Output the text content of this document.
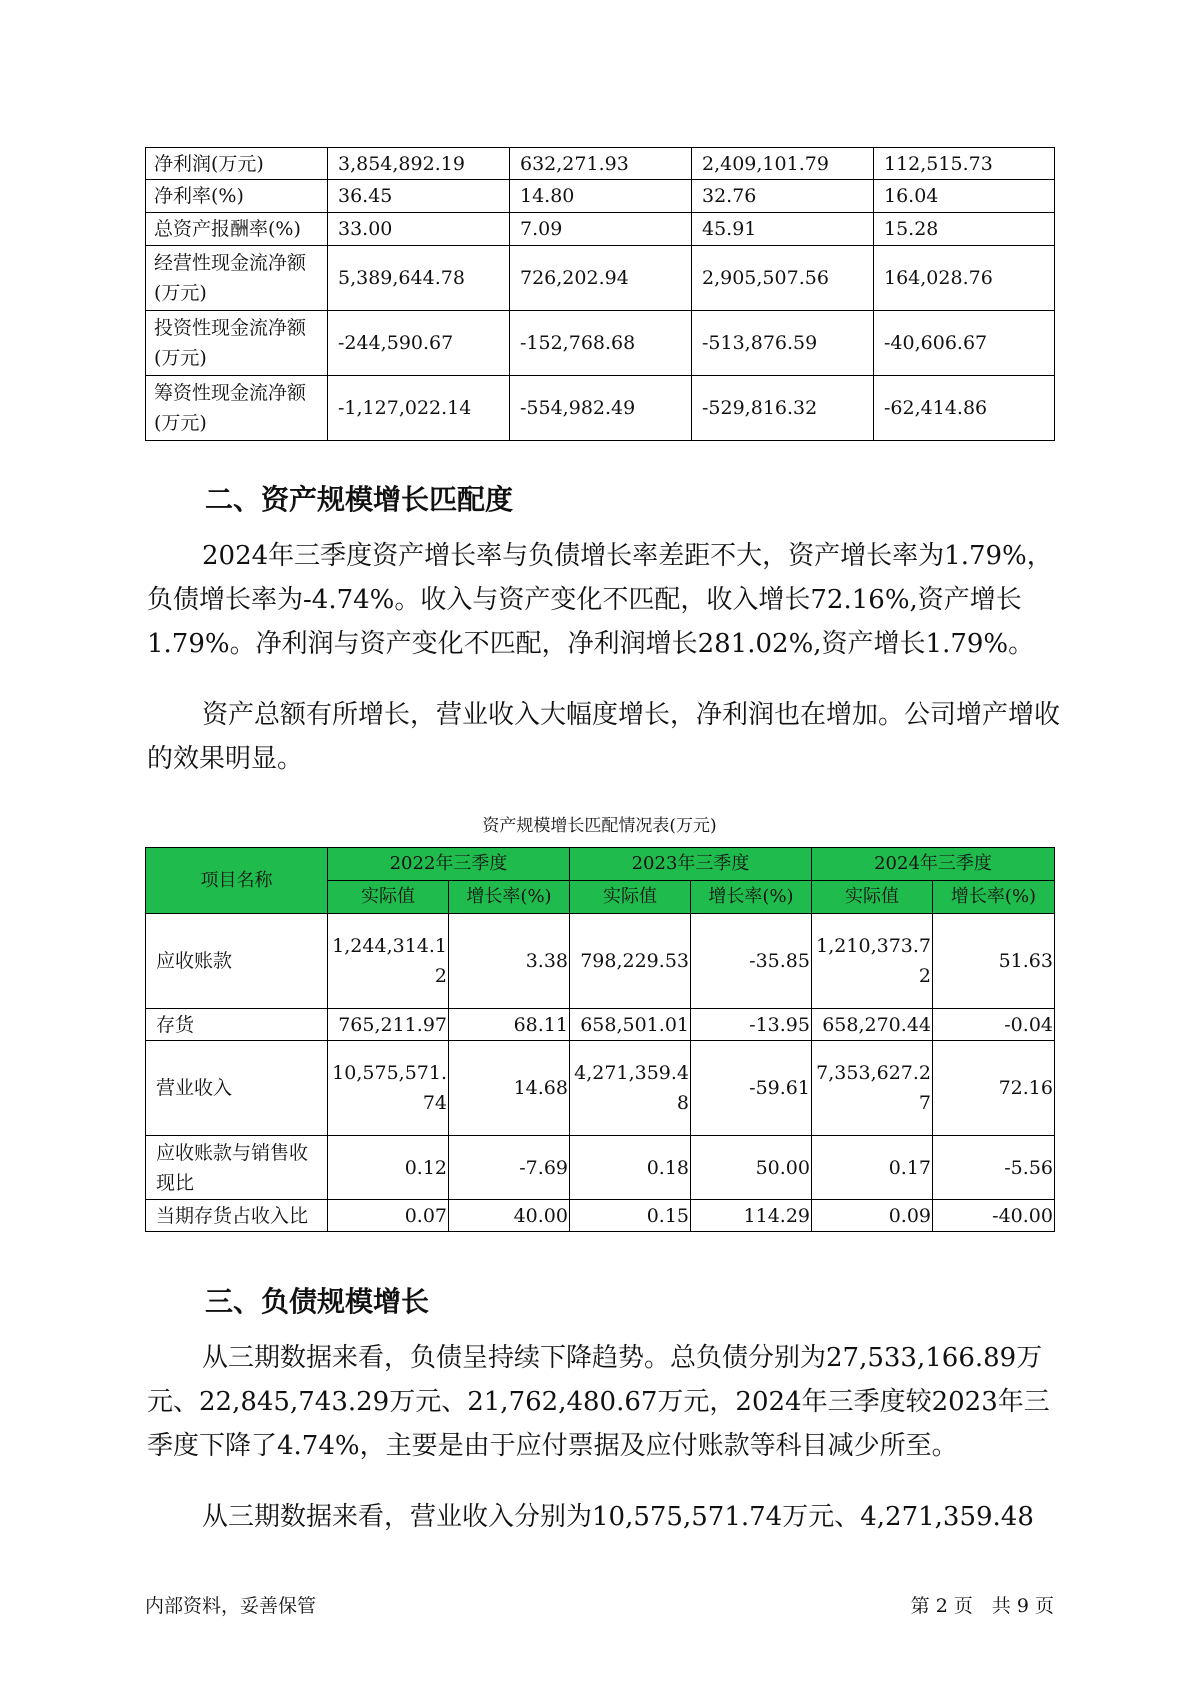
净利润(万元)	3,854,892.19	632,271.93	2,409,101.79	112,515.73
净利率(%)	36.45	14.80	32.76	16.04
总资产报酬率(%)	33.00	7.09	45.91	15.28
经营性现金流净额(万元)	5,389,644.78	726,202.94	2,905,507.56	164,028.76
投资性现金流净额(万元)	-244,590.67	-152,768.68	-513,876.59	-40,606.67
筹资性现金流净额(万元)	-1,127,022.14	-554,982.49	-529,816.32	-62,414.86
二、资产规模增长匹配度

2024年三季度资产增长率与负债增长率差距不大，资产增长率为1.79%，负债增长率为-4.74%。收入与资产变化不匹配，收入增长72.16%,资产增长1.79%。净利润与资产变化不匹配，净利润增长281.02%,资产增长1.79%。

资产总额有所增长，营业收入大幅度增长，净利润也在增加。公司增产增收的效果明显。

资产规模增长匹配情况表(万元)
项目名称	2022年三季度		2023年三季度		2024年三季度	
	实际值	增长率(%)	实际值	增长率(%)	实际值	增长率(%)
应收账款	1,244,314.12	3.38	798,229.53	-35.85	1,210,373.72	51.63
存货	765,211.97	68.11	658,501.01	-13.95	658,270.44	-0.04
营业收入	10,575,571.74	14.68	4,271,359.48	-59.61	7,353,627.27	72.16
应收账款与销售收现比	0.12	-7.69	0.18	50.00	0.17	-5.56
当期存货占收入比	0.07	40.00	0.15	114.29	0.09	-40.00
三、负债规模增长

从三期数据来看，负债呈持续下降趋势。总负债分别为27,533,166.89万元、22,845,743.29万元、21,762,480.67万元，2024年三季度较2023年三季度下降了4.74%，主要是由于应付票据及应付账款等科目减少所至。

从三期数据来看，营业收入分别为10,575,571.74万元、4,271,359.48

内部资料，妥善保管	第 2 页　共 9 页
